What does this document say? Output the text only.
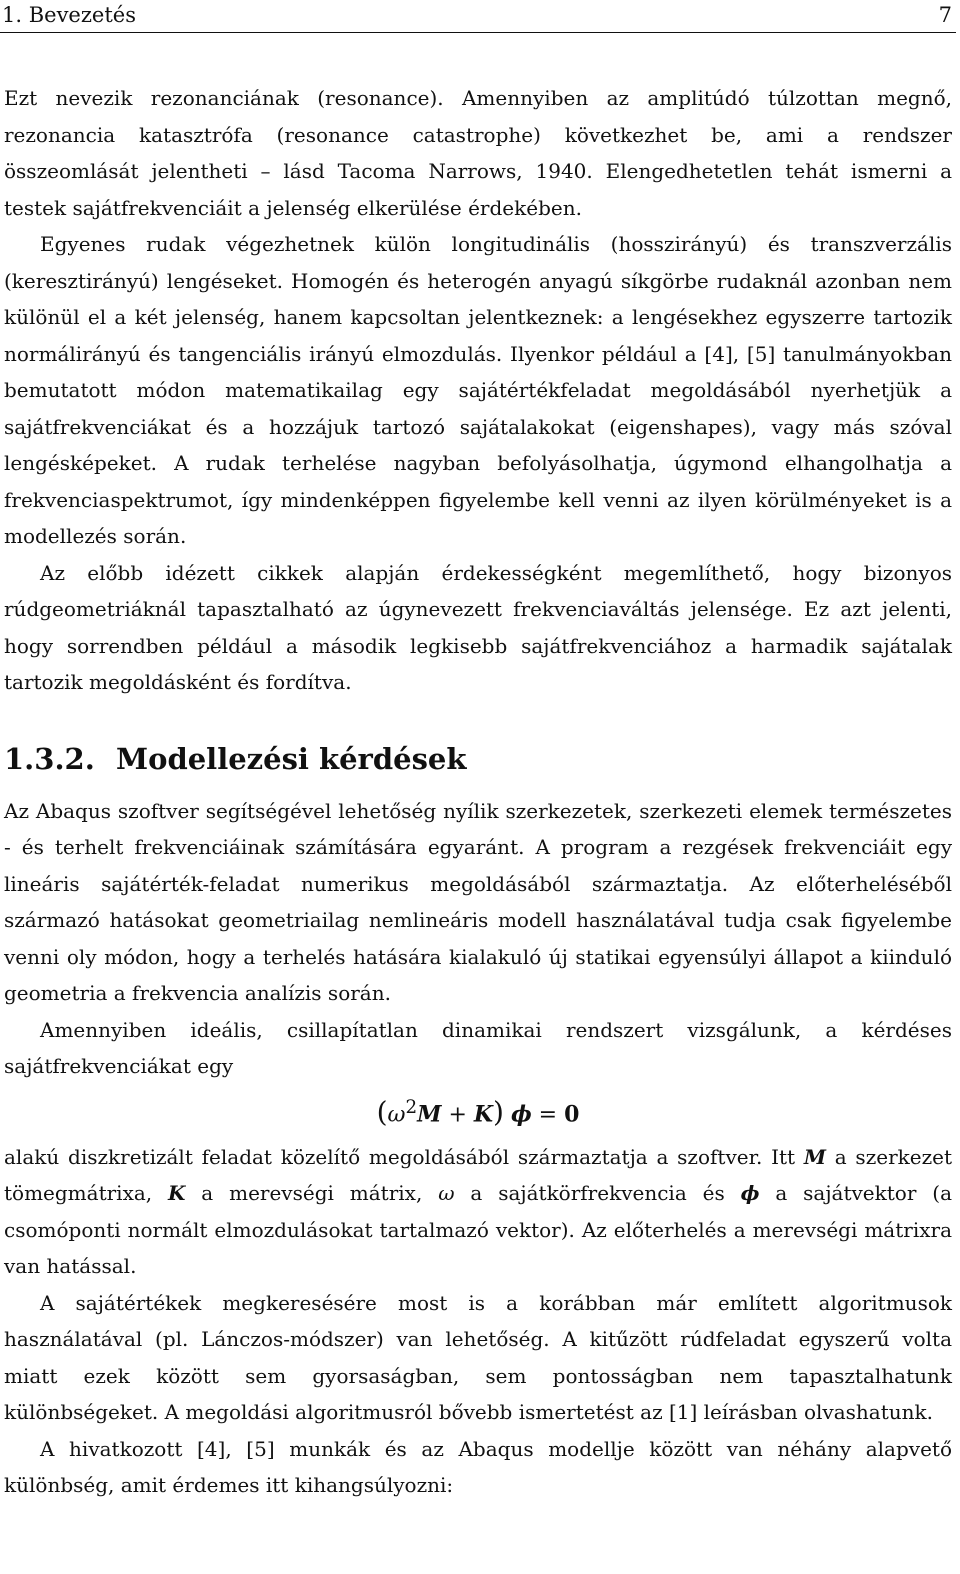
1. Bevezetés	7

Ezt nevezik rezonanciának (resonance). Amennyiben az amplitúdó túlzottan megnő, rezonancia katasztrófa (resonance catastrophe) következhet be, ami a rendszer összeomlását jelentheti – lásd Tacoma Narrows, 1940. Elengedhetetlen tehát ismerni a testek sajátfrekvenciáit a jelenség elkerülése érdekében.

Egyenes rudak végezhetnek külön longitudinális (hosszirányú) és transzverzális (keresztirányú) lengéseket. Homogén és heterogén anyagú síkgörbe rudaknál azonban nem különül el a két jelenség, hanem kapcsoltan jelentkeznek: a lengésekhez egyszerre tartozik normálirányú és tangenciális irányú elmozdulás. Ilyenkor például a [4], [5] tanulmányokban bemutatott módon matematikailag egy sajátértékfeladat megoldásából nyerhetjük a sajátfrekvenciákat és a hozzájuk tartozó sajátalakokat (eigenshapes), vagy más szóval lengésképeket. A rudak terhelése nagyban befolyásolhatja, úgymond elhangolhatja a frekvenciaspektrumot, így mindenképpen figyelembe kell venni az ilyen körülményeket is a modellezés során.

Az előbb idézett cikkek alapján érdekességként megemlíthető, hogy bizonyos rúdgeometriáknál tapasztalható az úgynevezett frekvenciaváltás jelensége. Ez azt jelenti, hogy sorrendben például a második legkisebb sajátfrekvenciához a harmadik sajátalak tartozik megoldásként és fordítva.

1.3.2. Modellezési kérdések

Az Abaqus szoftver segítségével lehetőség nyílik szerkezetek, szerkezeti elemek természetes - és terhelt frekvenciáinak számítására egyaránt. A program a rezgések frekvenciáit egy lineáris sajátérték-feladat numerikus megoldásából származtatja. Az előterheléséből származó hatásokat geometriailag nemlineáris modell használatával tudja csak figyelembe venni oly módon, hogy a terhelés hatására kialakuló új statikai egyensúlyi állapot a kiinduló geometria a frekvencia analízis során.

Amennyiben ideális, csillapítatlan dinamikai rendszert vizsgálunk, a kérdéses sajátfrekvenciákat egy

$(\omega^2M + K) \phi = 0$

alakú diszkretizált feladat közelítő megoldásából származtatja a szoftver. Itt M a szerkezet tömegmátrixa, K a merevségi mátrix, ω a sajátkörfrekvencia és ϕ a sajátvektor (a csomóponti normált elmozdulásokat tartalmazó vektor). Az előterhelés a merevségi mátrixra van hatással.

A sajátértékek megkeresésére most is a korábban már említett algoritmusok használatával (pl. Lánczos-módszer) van lehetőség. A kitűzött rúdfeladat egyszerű volta miatt ezek között sem gyorsaságban, sem pontosságban nem tapasztalhatunk különbségeket. A megoldási algoritmusról bővebb ismertetést az [1] leírásban olvashatunk.

A hivatkozott [4], [5] munkák és az Abaqus modellje között van néhány alapvető különbség, amit érdemes itt kihangsúlyozni:
